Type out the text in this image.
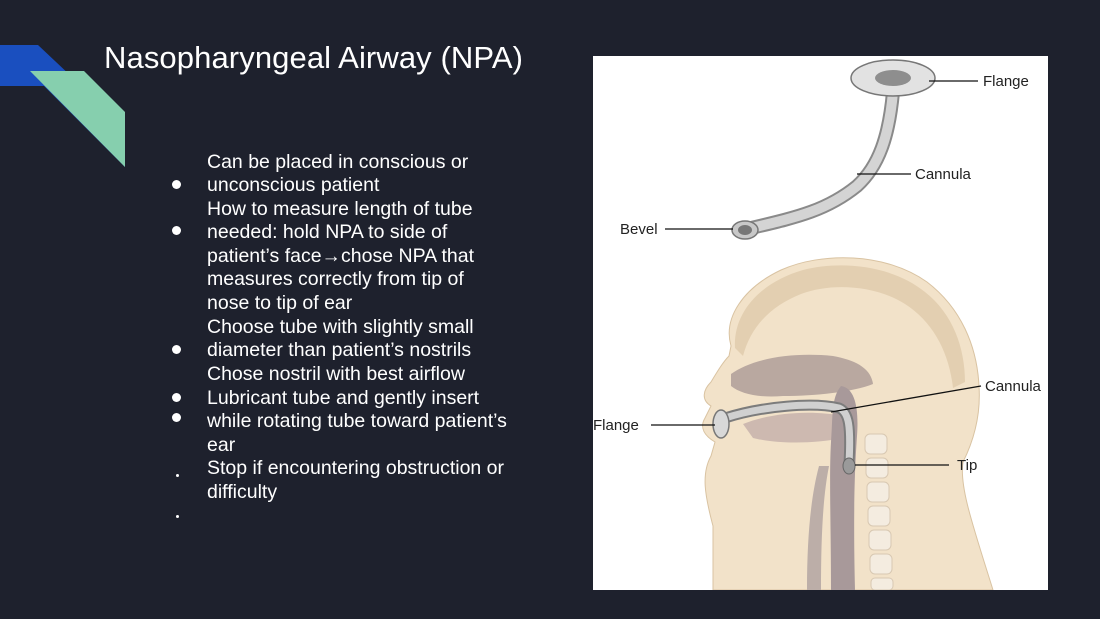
Nasopharyngeal Airway (NPA)
Can be placed in conscious or
unconscious patient
How to measure length of tube
needed: hold NPA to side of
patient’s face→chose NPA that
measures correctly from tip of
nose to tip of ear
Choose tube with slightly small
diameter than patient’s nostrils
Chose nostril with best airflow
Lubricant tube and gently insert
while rotating tube toward patient’s
ear
Stop if encountering obstruction or
difficulty
Flange
Cannula
Bevel
Cannula
Flange
Tip
